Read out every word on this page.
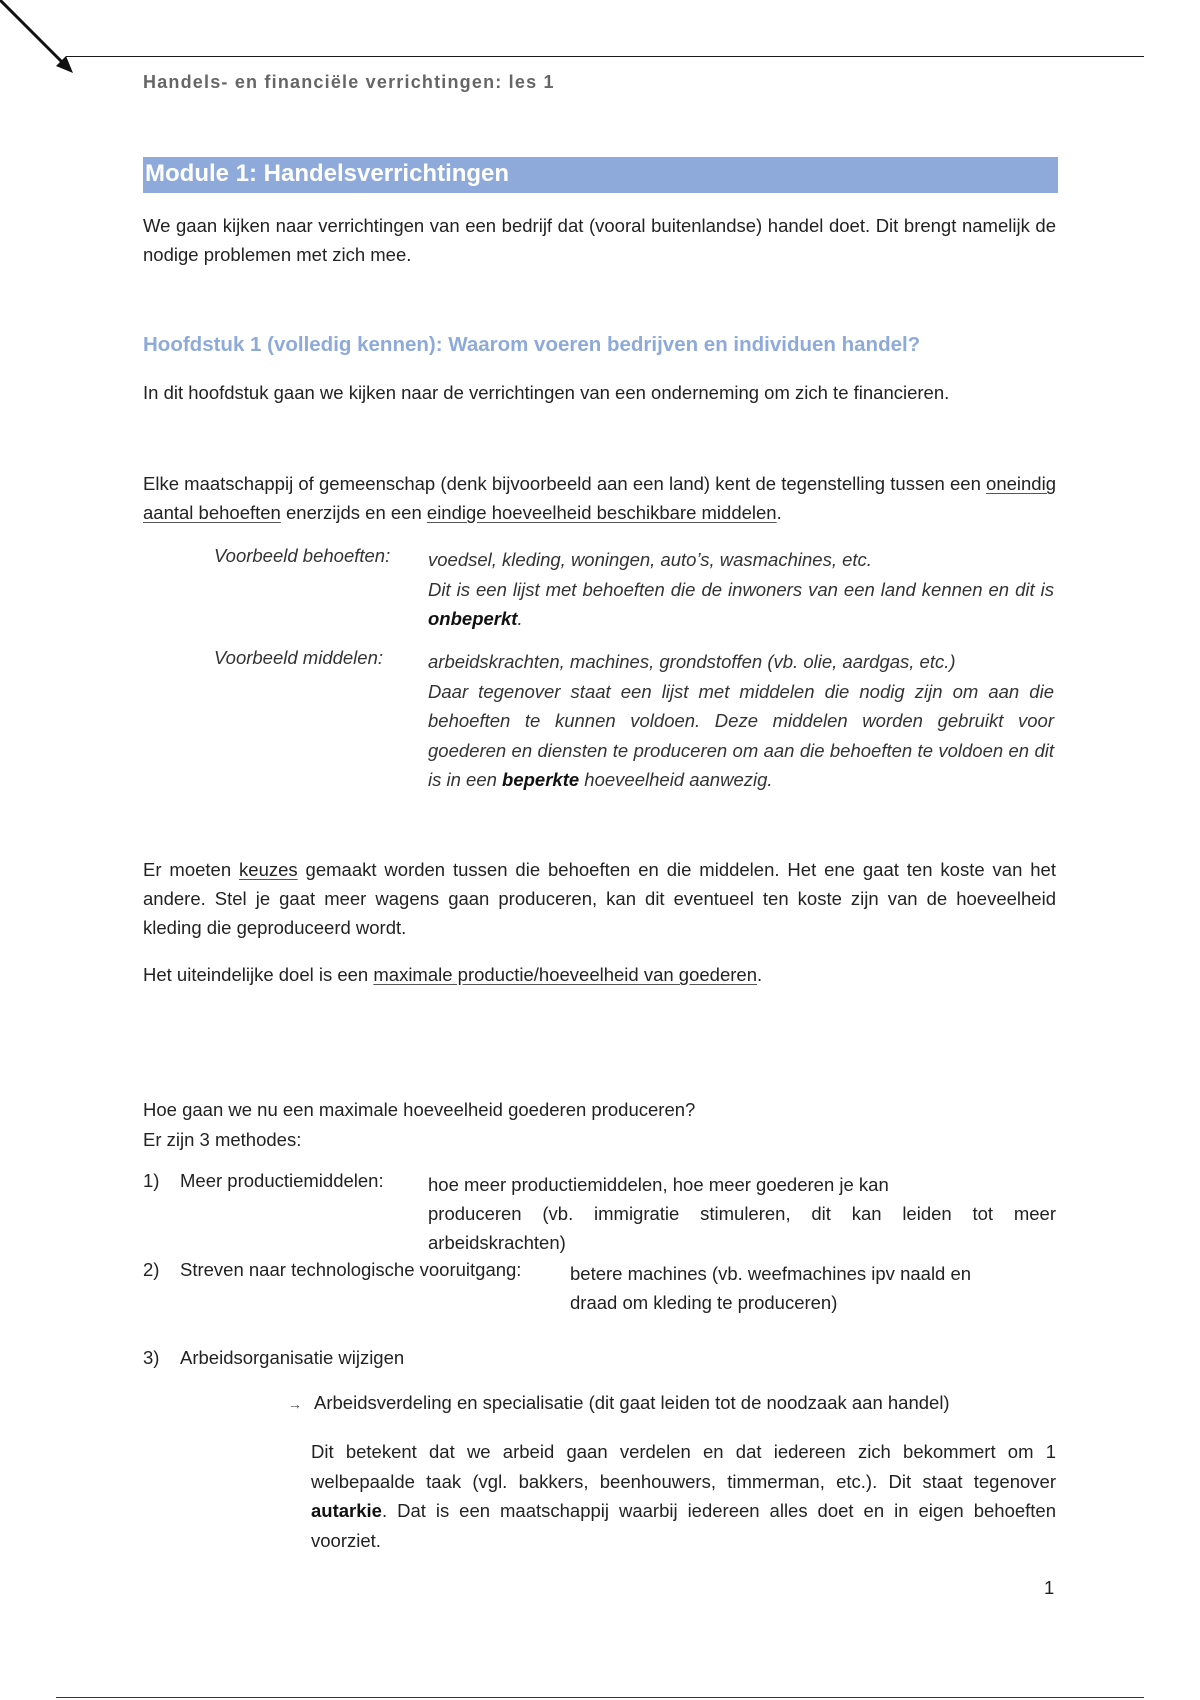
Handels- en financiële verrichtingen: les 1
Module 1: Handelsverrichtingen
We gaan kijken naar verrichtingen van een bedrijf dat (vooral buitenlandse) handel doet. Dit brengt namelijk de nodige problemen met zich mee.
Hoofdstuk 1 (volledig kennen): Waarom voeren bedrijven en individuen handel?
In dit hoofdstuk gaan we kijken naar de verrichtingen van een onderneming om zich te financieren.
Elke maatschappij of gemeenschap (denk bijvoorbeeld aan een land) kent de tegenstelling tussen een oneindig aantal behoeften enerzijds en een eindige hoeveelheid beschikbare middelen.
Voorbeeld behoeften: voedsel, kleding, woningen, auto’s, wasmachines, etc.
Dit is een lijst met behoeften die de inwoners van een land kennen en dit is onbeperkt.
Voorbeeld middelen: arbeidskrachten, machines, grondstoffen (vb. olie, aardgas, etc.)
Daar tegenover staat een lijst met middelen die nodig zijn om aan die behoeften te kunnen voldoen. Deze middelen worden gebruikt voor goederen en diensten te produceren om aan die behoeften te voldoen en dit is in een beperkte hoeveelheid aanwezig.
Er moeten keuzes gemaakt worden tussen die behoeften en die middelen. Het ene gaat ten koste van het andere. Stel je gaat meer wagens gaan produceren, kan dit eventueel ten koste zijn van de hoeveelheid kleding die geproduceerd wordt.
Het uiteindelijke doel is een maximale productie/hoeveelheid van goederen.
Hoe gaan we nu een maximale hoeveelheid goederen produceren?
Er zijn 3 methodes:
1) Meer productiemiddelen: hoe meer productiemiddelen, hoe meer goederen je kan
produceren (vb. immigratie stimuleren, dit kan leiden tot meer arbeidskrachten)
2) Streven naar technologische vooruitgang:	betere machines (vb. weefmachines ipv naald en
draad om kleding te produceren)
3) Arbeidsorganisatie wijzigen
→ Arbeidsverdeling en specialisatie (dit gaat leiden tot de noodzaak aan handel)
Dit betekent dat we arbeid gaan verdelen en dat iedereen zich bekommert om 1 welbepaalde taak (vgl. bakkers, beenhouwers, timmerman, etc.). Dit staat tegenover autarkie. Dat is een maatschappij waarbij iedereen alles doet en in eigen behoeften voorziet.
1
